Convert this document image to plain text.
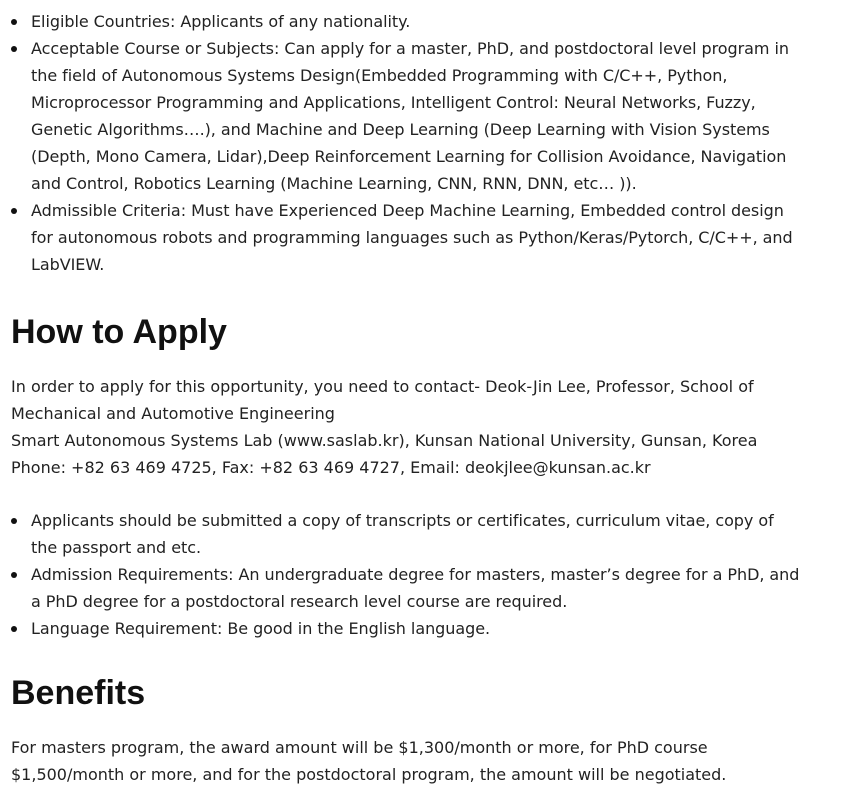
Eligible Countries: Applicants of any nationality.
Acceptable Course or Subjects: Can apply for a master, PhD, and postdoctoral level program in the field of Autonomous Systems Design(Embedded Programming with C/C++, Python, Microprocessor Programming and Applications, Intelligent Control: Neural Networks, Fuzzy, Genetic Algorithms….), and Machine and Deep Learning (Deep Learning with Vision Systems (Depth, Mono Camera, Lidar),Deep Reinforcement Learning for Collision Avoidance, Navigation and Control, Robotics Learning (Machine Learning, CNN, RNN, DNN, etc… )).
Admissible Criteria: Must have Experienced Deep Machine Learning, Embedded control design for autonomous robots and programming languages such as Python/Keras/Pytorch, C/C++, and LabVIEW.
How to Apply

In order to apply for this opportunity, you need to contact- Deok-Jin Lee, Professor, School of Mechanical and Automotive Engineering
Smart Autonomous Systems Lab (www.saslab.kr), Kunsan National University, Gunsan, Korea
Phone: +82 63 469 4725, Fax: +82 63 469 4727, Email: deokjlee@kunsan.ac.kr

Applicants should be submitted a copy of transcripts or certificates, curriculum vitae, copy of the passport and etc.
Admission Requirements: An undergraduate degree for masters, master’s degree for a PhD, and a PhD degree for a postdoctoral research level course are required.
Language Requirement: Be good in the English language.
Benefits

For masters program, the award amount will be $1,300/month or more, for PhD course $1,500/month or more, and for the postdoctoral program, the amount will be negotiated.
